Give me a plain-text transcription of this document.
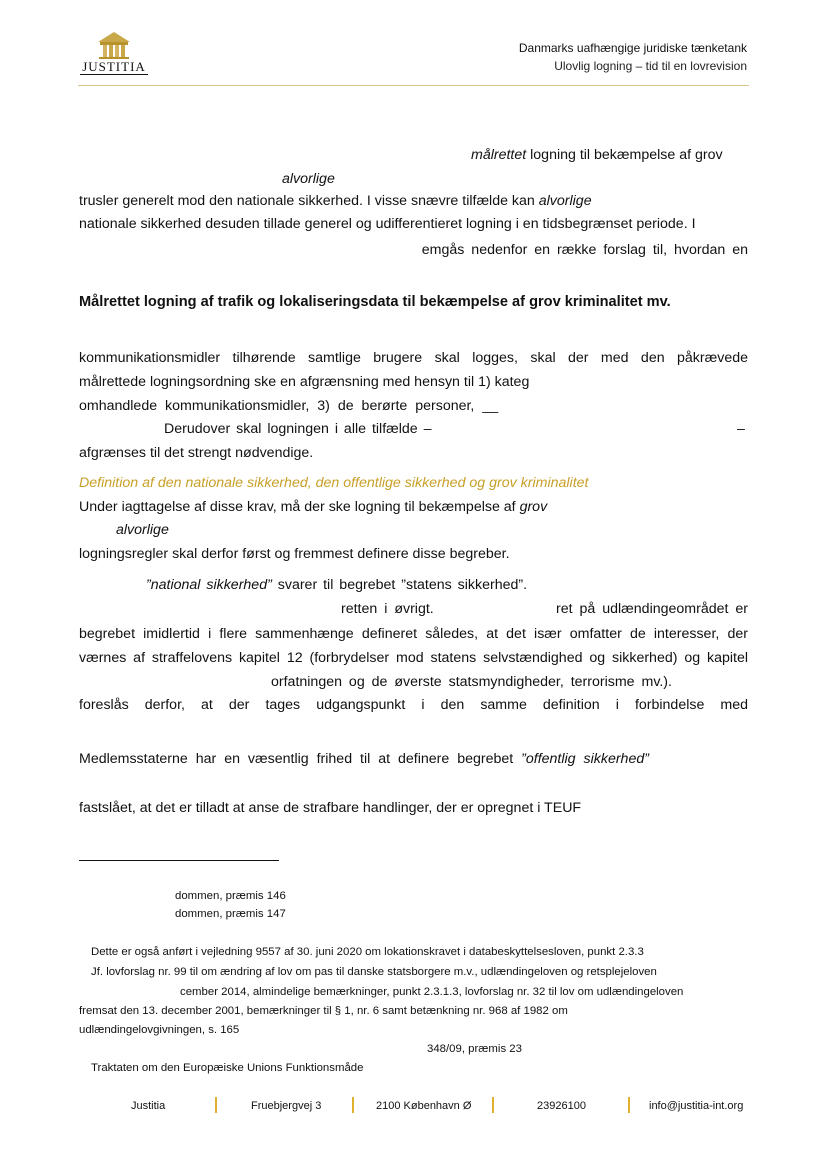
JUSTITIA
Danmarks uafhængige juridiske tænketank
Ulovlig logning – tid til en lovrevision
målrettet logning til bekæmpelse af grov
alvorlige
trusler generelt mod den nationale sikkerhed. I visse snævre tilfælde kan alvorlige
nationale sikkerhed desuden tillade generel og udifferentieret logning i en tidsbegrænset periode. I
emgås nedenfor en række forslag til, hvordan en
Målrettet logning af trafik og lokaliseringsdata til bekæmpelse af grov kriminalitet mv.
kommunikationsmidler tilhørende samtlige brugere skal logges, skal der med den påkrævede
målrettede logningsordning ske en afgrænsning med hensyn til 1) kateg
omhandlede kommunikationsmidler, 3) de berørte personer, __
Derudover skal logningen i alle tilfælde –	–
afgrænses til det strengt nødvendige.
Definition af den nationale sikkerhed, den offentlige sikkerhed og grov kriminalitet
Under iagttagelse af disse krav, må der ske logning til bekæmpelse af grov
alvorlige
logningsregler skal derfor først og fremmest definere disse begreber.
”national sikkerhed” svarer til begrebet ”statens sikkerhed”.
retten i øvrigt.	ret på udlændingeområdet er
begrebet imidlertid i flere sammenhænge defineret således, at det især omfatter de interesser, der
værnes af straffelovens kapitel 12 (forbrydelser mod statens selvstændighed og sikkerhed) og kapitel
orfatningen og de øverste statsmyndigheder, terrorisme mv.).
foreslås derfor, at der tages udgangspunkt i den samme definition i forbindelse med
Medlemsstaterne har en væsentlig frihed til at definere begrebet ”offentlig sikkerhed”
fastslået, at det er tilladt at anse de strafbare handlinger, der er opregnet i TEUF
dommen, præmis 146
dommen, præmis 147
Dette er også anført i vejledning 9557 af 30. juni 2020 om lokationskravet i databeskyttelsesloven, punkt 2.3.3
Jf. lovforslag nr. 99 til om ændring af lov om pas til danske statsborgere m.v., udlændingeloven og retsplejeloven
cember 2014, almindelige bemærkninger, punkt 2.3.1.3, lovforslag nr. 32 til lov om udlændingeloven
fremsat den 13. december 2001, bemærkninger til § 1, nr. 6 samt betænkning nr. 968 af 1982 om
udlændingelovgivningen, s. 165
348/09, præmis 23
Traktaten om den Europæiske Unions Funktionsmåde
Justitia	Fruebjergvej 3	2100 København Ø	23926100	info@justitia-int.org
